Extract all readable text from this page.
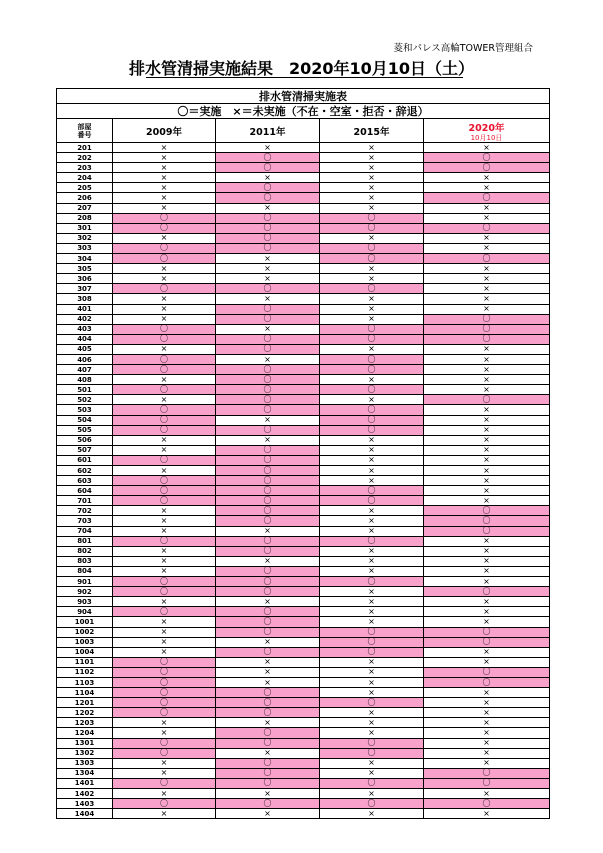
菱和パレス高輪TOWER管理組合
排水管清掃実施結果　2020年10月10日（土）
排水管清掃実施表				
〇＝実施　×＝未実施（不在・空室・拒否・辞退）				
部屋番号	2009年	2011年	2015年	2020年
10月10日

201	×	×	×	×
202	×	〇	×	〇
203	×	〇	×	〇
204	×	×	×	×
205	×	〇	×	×
206	×	〇	×	〇
207	×	×	×	×
208	〇	〇	〇	×
301	〇	〇	〇	〇
302	×	〇	×	×
303	〇	〇	〇	×
304	〇	×	〇	〇
305	×	×	×	×
306	×	×	×	×
307	〇	〇	〇	×
308	×	×	×	×
401	×	〇	×	×
402	×	〇	×	〇
403	〇	×	〇	〇
404	〇	〇	〇	〇
405	×	〇	×	×
406	〇	×	〇	×
407	〇	〇	〇	×
408	×	〇	×	×
501	〇	〇	〇	×
502	×	〇	×	〇
503	〇	〇	〇	×
504	〇	×	〇	×
505	〇	〇	〇	×
506	×	×	×	×
507	×	〇	×	×
601	〇	〇	×	×
602	×	〇	×	×
603	〇	〇	×	×
604	〇	〇	〇	×
701	〇	〇	〇	×
702	×	〇	×	〇
703	×	〇	×	〇
704	×	×	×	〇
801	〇	〇	〇	×
802	×	〇	×	×
803	×	×	×	×
804	×	〇	×	×
901	〇	〇	〇	×
902	〇	〇	×	〇
903	×	×	×	×
904	〇	〇	×	×
1001	×	〇	×	×
1002	×	〇	〇	〇
1003	×	×	〇	〇
1004	×	〇	〇	×
1101	〇	×	×	×
1102	〇	×	×	〇
1103	〇	×	×	〇
1104	〇	〇	×	×
1201	〇	〇	〇	×
1202	〇	〇	×	×
1203	×	×	×	×
1204	×	〇	×	×
1301	〇	〇	〇	×
1302	〇	×	〇	×
1303	×	〇	×	×
1304	×	〇	×	〇
1401	〇	〇	〇	〇
1402	×	×	×	×
1403	〇	〇	〇	〇
1404	×	×	×	×
